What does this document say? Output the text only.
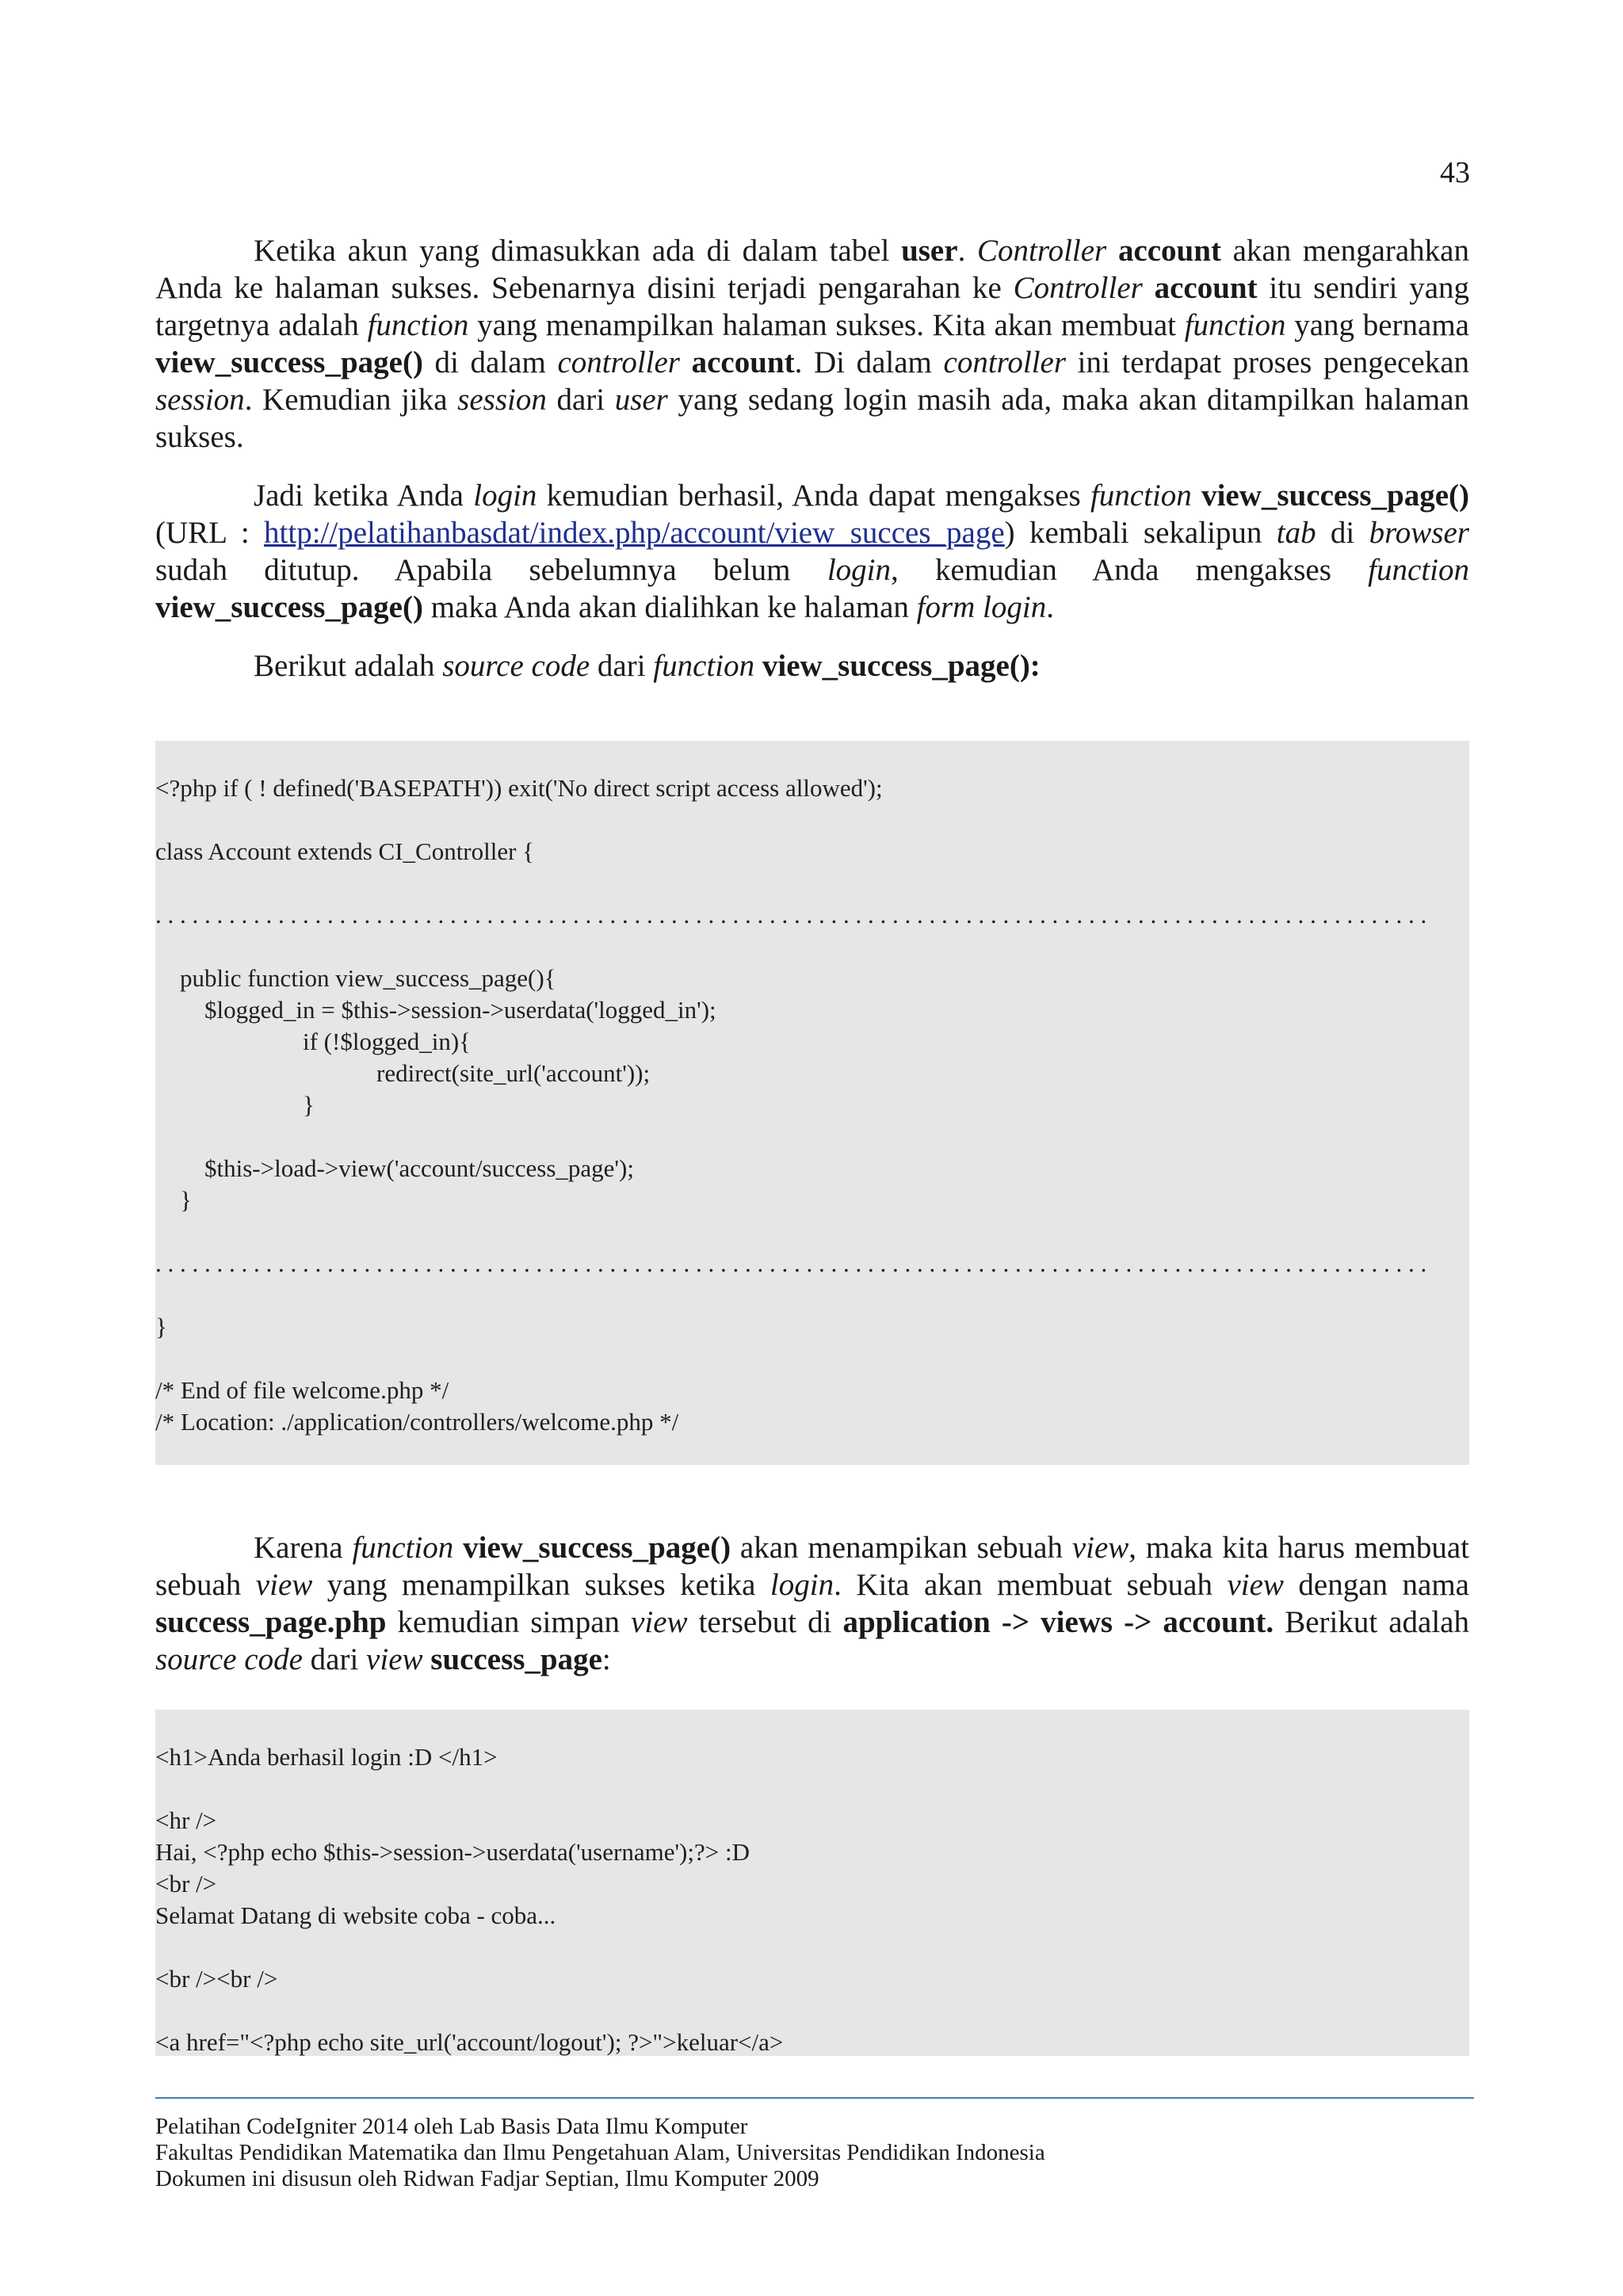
43

Ketika akun yang dimasukkan ada di dalam tabel user. Controller account akan mengarahkan Anda ke halaman sukses. Sebenarnya disini terjadi pengarahan ke Controller account itu sendiri yang targetnya adalah function yang menampilkan halaman sukses. Kita akan membuat function yang bernama view_success_page() di dalam controller account. Di dalam controller ini terdapat proses pengecekan session. Kemudian jika session dari user yang sedang login masih ada, maka akan ditampilkan halaman sukses.

Jadi ketika Anda login kemudian berhasil, Anda dapat mengakses function view_success_page() (URL : http://pelatihanbasdat/index.php/account/view_succes_page) kembali sekalipun tab di browser sudah ditutup. Apabila sebelumnya belum login, kemudian Anda mengakses function view_success_page() maka Anda akan dialihkan ke halaman form login.

Berikut adalah source code dari function view_success_page():

<?php if ( ! defined('BASEPATH')) exit('No direct script access allowed');
class Account extends CI_Controller {
. . . . . . . . . . . . . . . . . . . . . . . . . . . . . . . . . . . . . . . . . . . . . . . . . . . . . . . . . . . . . . . . . . . . . . . . . . . . . . . . . . . . . . . . . . . . . . . . . . . . . . . .
public function view_success_page(){
$logged_in = $this->session->userdata('logged_in');
if (!$logged_in){
redirect(site_url('account'));
}
$this->load->view('account/success_page');
}
. . . . . . . . . . . . . . . . . . . . . . . . . . . . . . . . . . . . . . . . . . . . . . . . . . . . . . . . . . . . . . . . . . . . . . . . . . . . . . . . . . . . . . . . . . . . . . . . . . . . . . . .
}
/* End of file welcome.php */
/* Location: ./application/controllers/welcome.php */

Karena function view_success_page() akan menampikan sebuah view, maka kita harus membuat sebuah view yang menampilkan sukses ketika login. Kita akan membuat sebuah view dengan nama success_page.php kemudian simpan view tersebut di application -> views -> account. Berikut adalah source code dari view success_page:

<h1>Anda berhasil login :D </h1>
<hr />
Hai, <?php echo $this->session->userdata('username');?> :D
<br />
Selamat Datang di website coba - coba...
<br /><br />
<a href="<?php echo site_url('account/logout'); ?>">keluar</a>
Pelatihan CodeIgniter 2014 oleh Lab Basis Data Ilmu Komputer
Fakultas Pendidikan Matematika dan Ilmu Pengetahuan Alam, Universitas Pendidikan Indonesia
Dokumen ini disusun oleh Ridwan Fadjar Septian, Ilmu Komputer 2009
